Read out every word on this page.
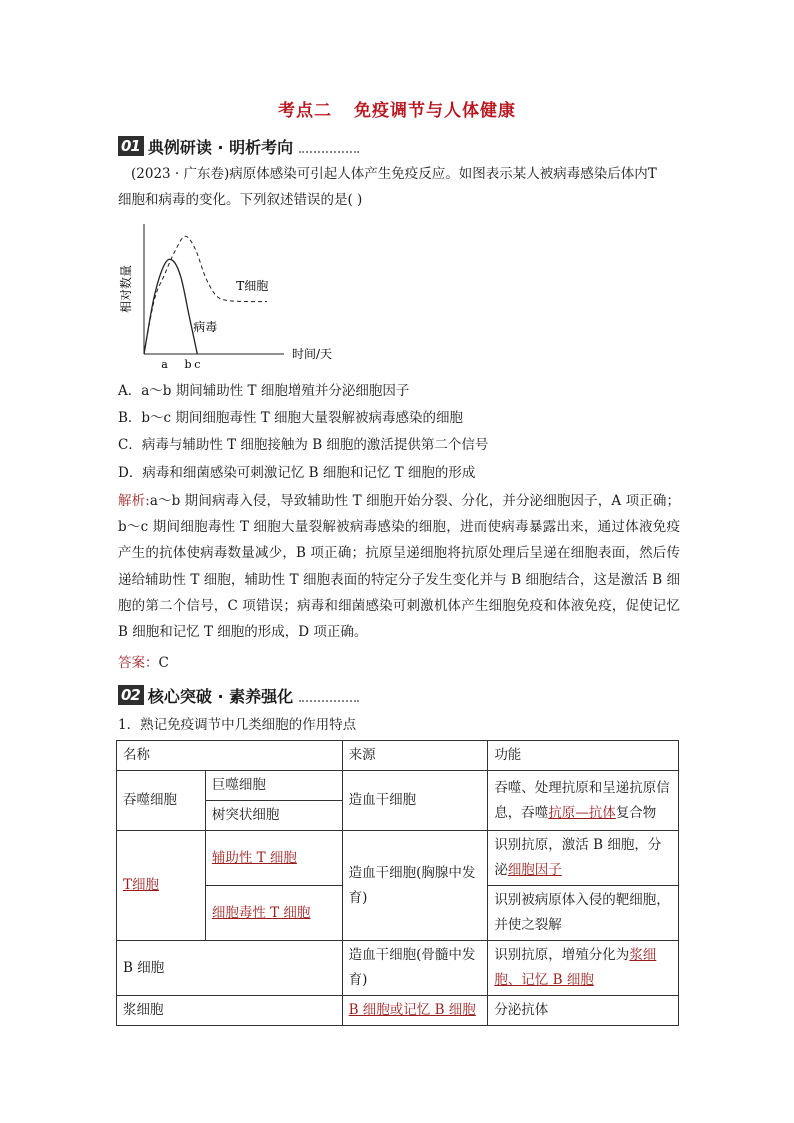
考点二 免疫调节与人体健康
01 典例研读 · 明析考向
(2023 · 广东卷)病原体感染可引起人体产生免疫反应。如图表示某人被病毒感染后体内T
细胞和病毒的变化。下列叙述错误的是( )
相对数量
时间/天
a b c
T细胞
病毒
A．a～b 期间辅助性 T 细胞增殖并分泌细胞因子
B．b～c 期间细胞毒性 T 细胞大量裂解被病毒感染的细胞
C．病毒与辅助性 T 细胞接触为 B 细胞的激活提供第二个信号
D．病毒和细菌感染可刺激记忆 B 细胞和记忆 T 细胞的形成
解析:a～b 期间病毒入侵，导致辅助性 T 细胞开始分裂、分化，并分泌细胞因子，A 项正确；b～c 期间细胞毒性 T 细胞大量裂解被病毒感染的细胞，进而使病毒暴露出来，通过体液免疫产生的抗体使病毒数量减少，B 项正确；抗原呈递细胞将抗原处理后呈递在细胞表面，然后传递给辅助性 T 细胞，辅助性 T 细胞表面的特定分子发生变化并与 B 细胞结合，这是激活 B 细胞的第二个信号，C 项错误；病毒和细菌感染可刺激机体产生细胞免疫和体液免疫，促使记忆 B 细胞和记忆 T 细胞的形成，D 项正确。
答案：C
02 核心突破 · 素养强化
1．熟记免疫调节中几类细胞的作用特点
名称		来源	功能
吞噬细胞	巨噬细胞	造血干细胞	吞噬、处理抗原和呈递抗原信息，吞噬抗原—抗体复合物
	树突状细胞		
T细胞	辅助性 T 细胞	造血干细胞(胸腺中发育)	识别抗原，激活 B 细胞，分泌细胞因子
	细胞毒性 T 细胞		识别被病原体入侵的靶细胞，并使之裂解
B 细胞		造血干细胞(骨髓中发育)	识别抗原，增殖分化为浆细胞、记忆 B 细胞
浆细胞		B 细胞或记忆 B 细胞	分泌抗体
